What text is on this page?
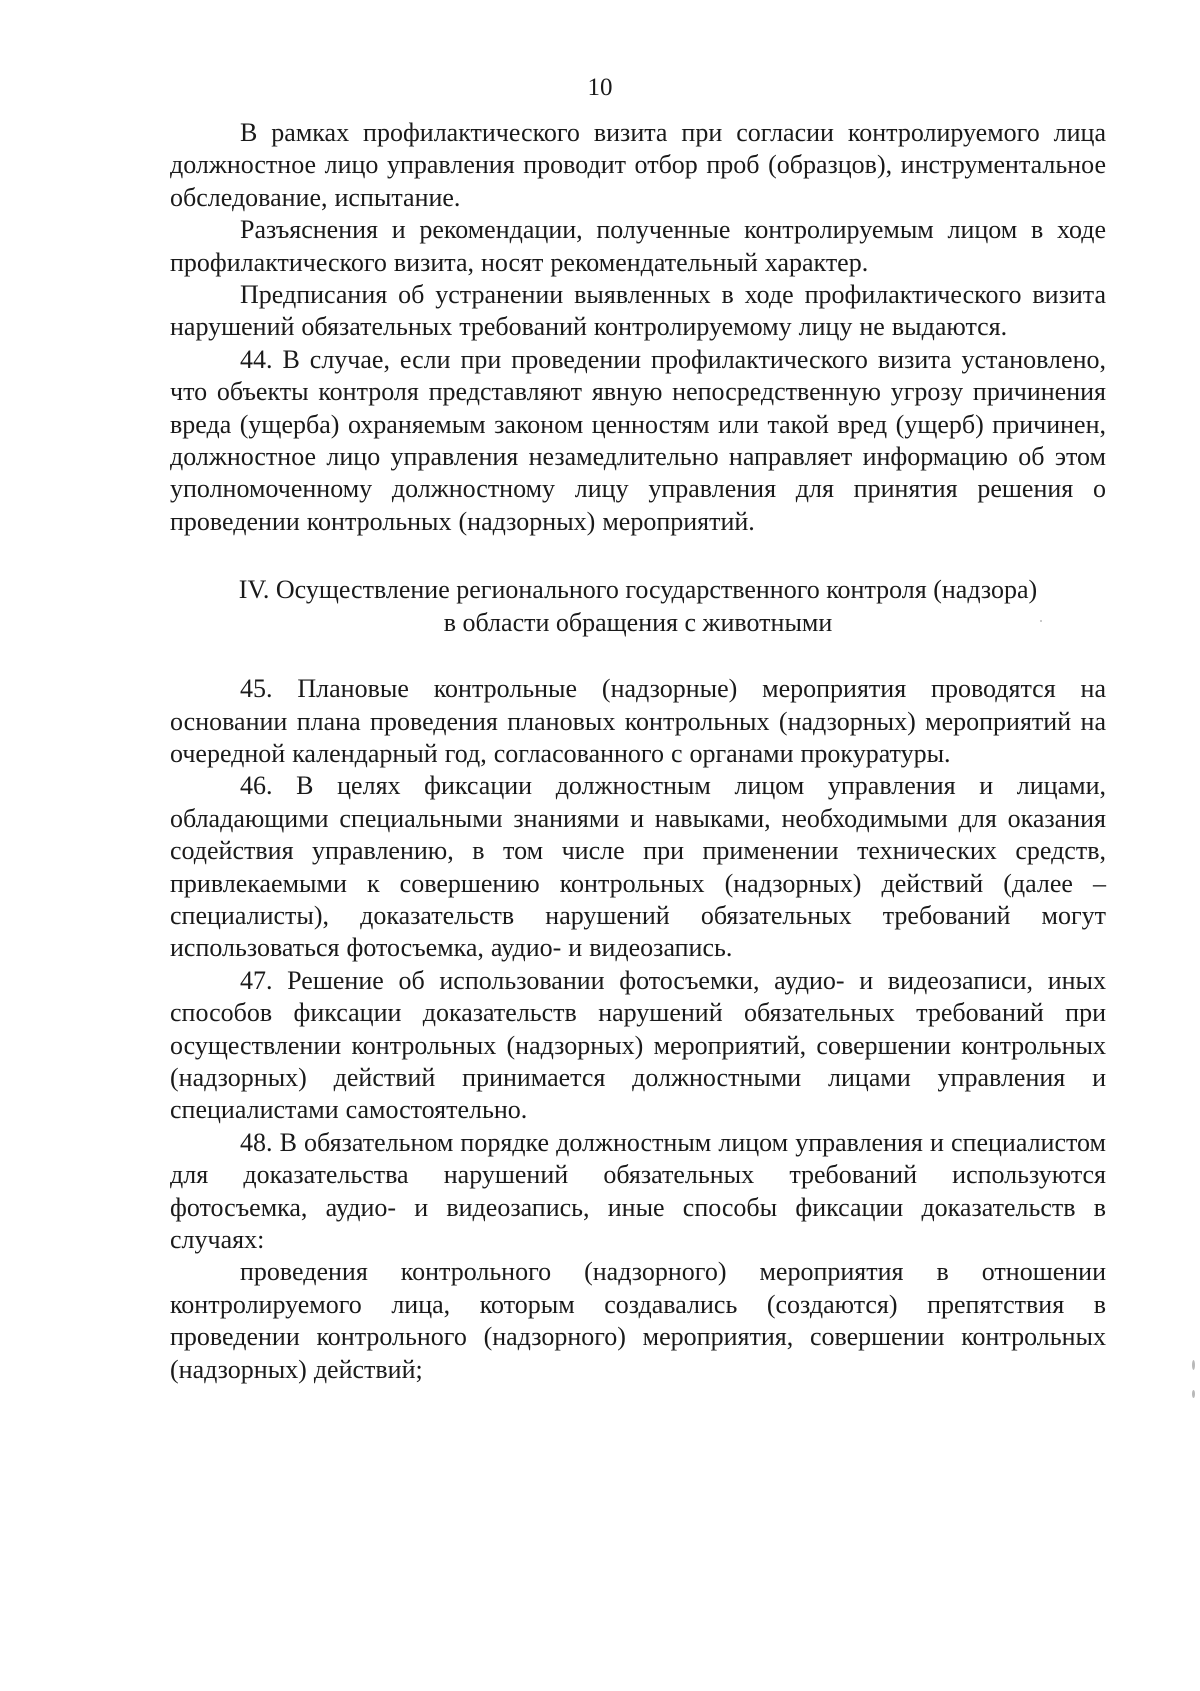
10

В рамках профилактического визита при согласии контролируемого лица должностное лицо управления проводит отбор проб (образцов), инструментальное обследование, испытание.

Разъяснения и рекомендации, полученные контролируемым лицом в ходе профилактического визита, носят рекомендательный характер.

Предписания об устранении выявленных в ходе профилактического визита нарушений обязательных требований контролируемому лицу не выдаются.

44. В случае, если при проведении профилактического визита установлено, что объекты контроля представляют явную непосредственную угрозу причинения вреда (ущерба) охраняемым законом ценностям или такой вред (ущерб) причинен, должностное лицо управления незамедлительно направляет информацию об этом уполномоченному должностному лицу управления для принятия решения о проведении контрольных (надзорных) мероприятий.

IV. Осуществление регионального государственного контроля (надзора)
в области обращения с животными

45. Плановые контрольные (надзорные) мероприятия проводятся на основании плана проведения плановых контрольных (надзорных) мероприятий на очередной календарный год, согласованного с органами прокуратуры.

46. В целях фиксации должностным лицом управления и лицами, обладающими специальными знаниями и навыками, необходимыми для оказания содействия управлению, в том числе при применении технических средств, привлекаемыми к совершению контрольных (надзорных) действий (далее – специалисты), доказательств нарушений обязательных требований могут использоваться фотосъемка, аудио- и видеозапись.

47. Решение об использовании фотосъемки, аудио- и видеозаписи, иных способов фиксации доказательств нарушений обязательных требований при осуществлении контрольных (надзорных) мероприятий, совершении контрольных (надзорных) действий принимается должностными лицами управления и специалистами самостоятельно.

48. В обязательном порядке должностным лицом управления и специалистом для доказательства нарушений обязательных требований используются фотосъемка, аудио- и видеозапись, иные способы фиксации доказательств в случаях:

проведения контрольного (надзорного) мероприятия в отношении контролируемого лица, которым создавались (создаются) препятствия в проведении контрольного (надзорного) мероприятия, совершении контрольных (надзорных) действий;
